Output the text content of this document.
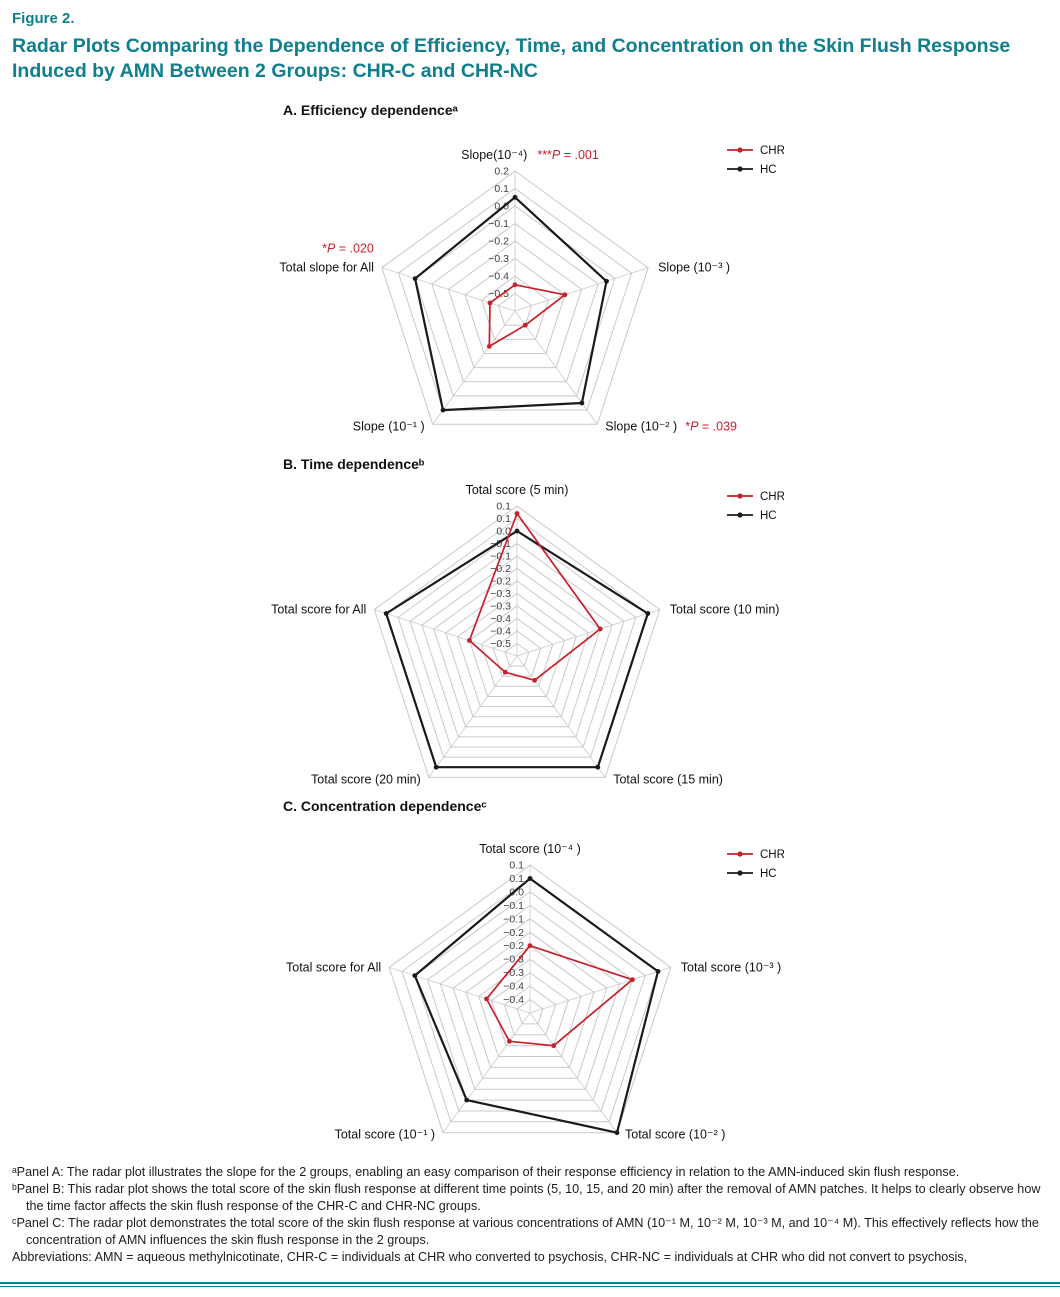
Figure 2.
Radar Plots Comparing the Dependence of Efficiency, Time, and Concentration on the Skin Flush Response Induced by AMN Between 2 Groups: CHR-C and CHR-NC
A. Efficiency dependenceᵃ
0.2
0.1
0.0
−0.1
−0.2
−0.3
−0.4
−0.5
Slope(10⁻⁴) ***P = .001
Slope (10⁻³ )
Slope (10⁻² ) *P = .039
Slope (10⁻¹ )
Total slope for All
*P = .020
CHR
HC
B. Time dependenceᵇ
0.1
0.1
0.0
−0.1
−0.1
−0.2
−0.2
−0.3
−0.3
−0.4
−0.4
−0.5
Total score (5 min)
Total score (10 min)
Total score (15 min)
Total score (20 min)
Total score for All
CHR
HC
C. Concentration dependenceᶜ
0.1
0.1
0.0
−0.1
−0.1
−0.2
−0.2
−0.3
−0.3
−0.4
−0.4
Total score (10⁻⁴ )
Total score (10⁻³ )
Total score (10⁻² )
Total score (10⁻¹ )
Total score for All
CHR
HC

ᵃPanel A: The radar plot illustrates the slope for the 2 groups, enabling an easy comparison of their response efficiency in relation to the AMN-induced skin flush response.

ᵇPanel B: This radar plot shows the total score of the skin flush response at different time points (5, 10, 15, and 20 min) after the removal of AMN patches. It helps to clearly observe how the time factor affects the skin flush response of the CHR-C and CHR-NC groups.

ᶜPanel C: The radar plot demonstrates the total score of the skin flush response at various concentrations of AMN (10⁻¹ M, 10⁻² M, 10⁻³ M, and 10⁻⁴ M). This effectively reflects how the concentration of AMN influences the skin flush response in the 2 groups.

Abbreviations: AMN = aqueous methylnicotinate, CHR-C = individuals at CHR who converted to psychosis, CHR-NC = individuals at CHR who did not convert to psychosis,
